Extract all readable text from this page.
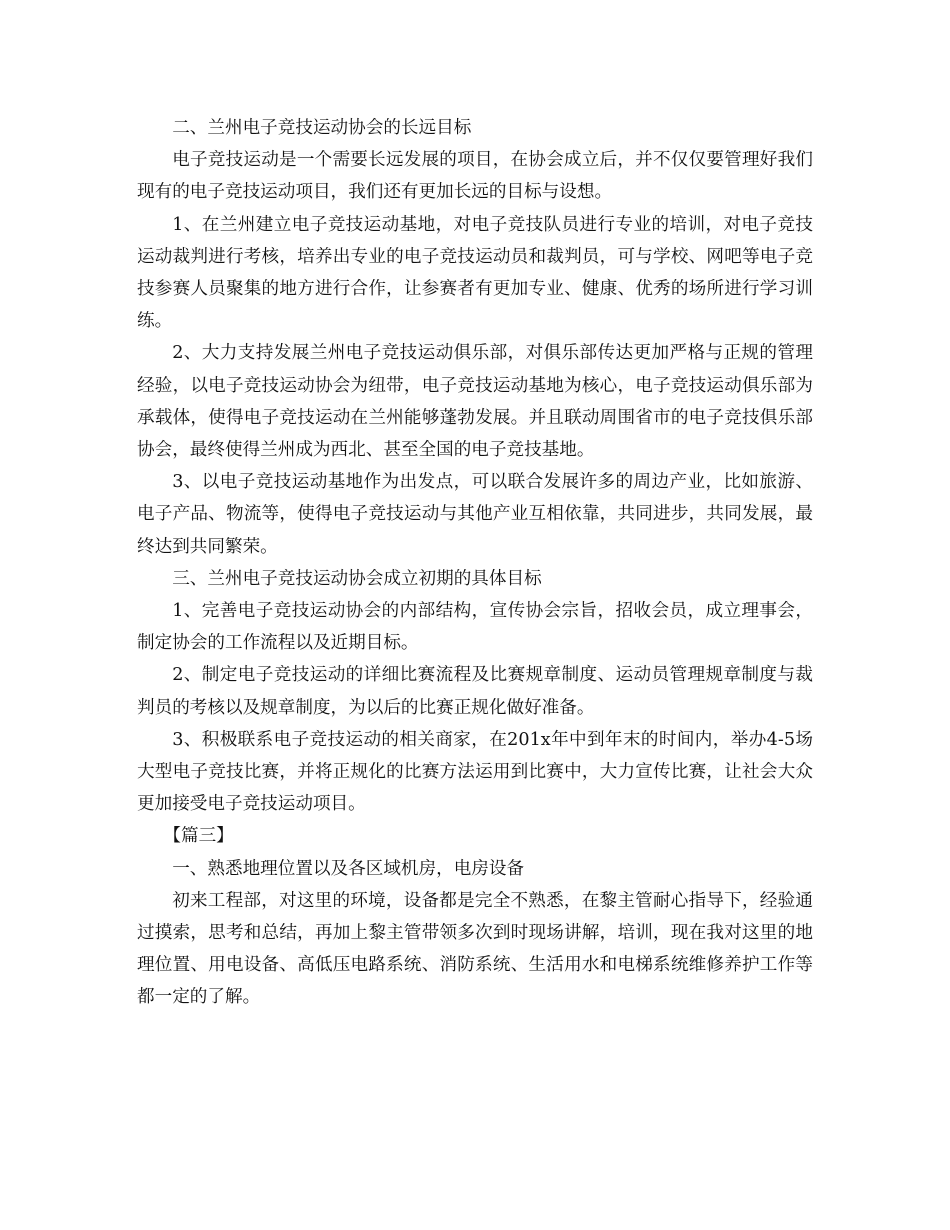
二、兰州电子竞技运动协会的长远目标

电子竞技运动是一个需要长远发展的项目，在协会成立后，并不仅仅要管理好我们现有的电子竞技运动项目，我们还有更加长远的目标与设想。

1、在兰州建立电子竞技运动基地，对电子竞技队员进行专业的培训，对电子竞技运动裁判进行考核，培养出专业的电子竞技运动员和裁判员，可与学校、网吧等电子竞技参赛人员聚集的地方进行合作，让参赛者有更加专业、健康、优秀的场所进行学习训练。

2、大力支持发展兰州电子竞技运动俱乐部，对俱乐部传达更加严格与正规的管理经验，以电子竞技运动协会为纽带，电子竞技运动基地为核心，电子竞技运动俱乐部为承载体，使得电子竞技运动在兰州能够蓬勃发展。并且联动周围省市的电子竞技俱乐部协会，最终使得兰州成为西北、甚至全国的电子竞技基地。

3、以电子竞技运动基地作为出发点，可以联合发展许多的周边产业，比如旅游、电子产品、物流等，使得电子竞技运动与其他产业互相依靠，共同进步，共同发展，最终达到共同繁荣。

三、兰州电子竞技运动协会成立初期的具体目标

1、完善电子竞技运动协会的内部结构，宣传协会宗旨，招收会员，成立理事会，制定协会的工作流程以及近期目标。

2、制定电子竞技运动的详细比赛流程及比赛规章制度、运动员管理规章制度与裁判员的考核以及规章制度，为以后的比赛正规化做好准备。

3、积极联系电子竞技运动的相关商家，在201x年中到年末的时间内，举办4-5场大型电子竞技比赛，并将正规化的比赛方法运用到比赛中，大力宣传比赛，让社会大众更加接受电子竞技运动项目。

【篇三】

一、熟悉地理位置以及各区域机房，电房设备

初来工程部，对这里的环境，设备都是完全不熟悉，在黎主管耐心指导下，经验通过摸索，思考和总结，再加上黎主管带领多次到时现场讲解，培训，现在我对这里的地理位置、用电设备、高低压电路系统、消防系统、生活用水和电梯系统维修养护工作等都一定的了解。
